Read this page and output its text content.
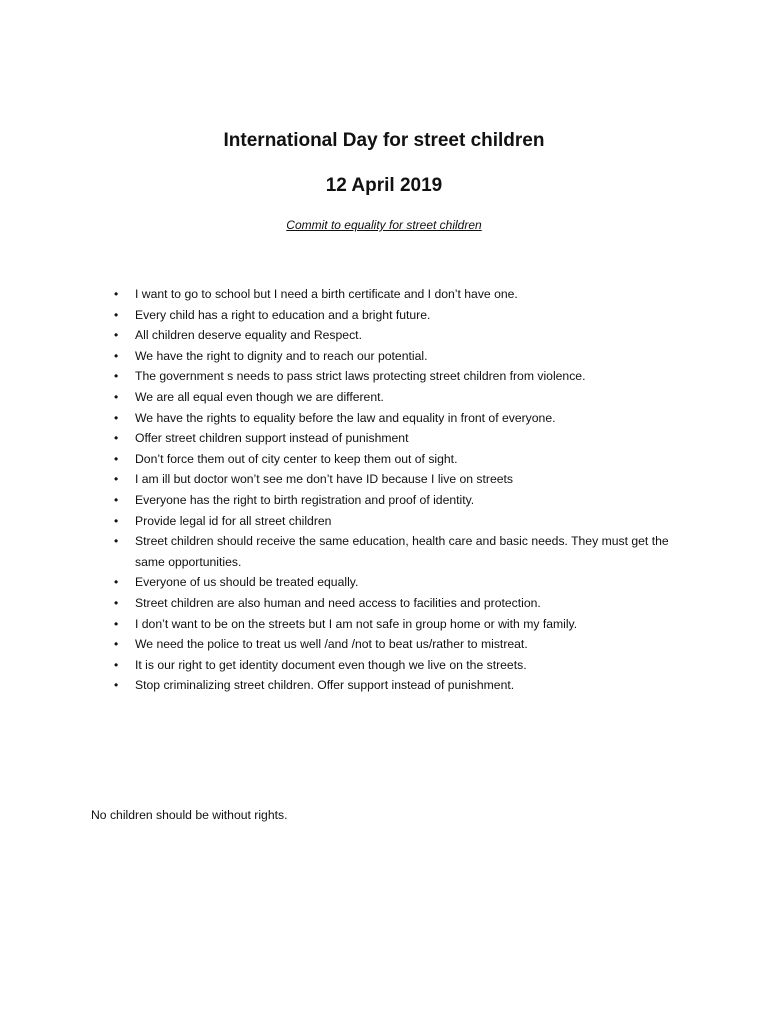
International Day for street children
12 April 2019

Commit to equality for street children

• I want to go to school but I need a birth certificate and I don’t have one.
• Every child has a right to education and a bright future.
• All children deserve equality and Respect.
• We have the right to dignity and to reach our potential.
• The government s needs to pass strict laws protecting street children from violence.
• We are all equal even though we are different.
• We have the rights to equality before the law and equality in front of everyone.
• Offer street children support instead of punishment
• Don’t force them out of city center to keep them out of sight.
• I am ill but doctor won’t see me don’t have ID because I live on streets
• Everyone has the right to birth registration and proof of identity.
• Provide legal id for all street children
• Street children should receive the same education, health care and basic needs. They must get the same opportunities.
• Everyone of us should be treated equally.
• Street children are also human and need access to facilities and protection.
• I don’t want to be on the streets but I am not safe in group home or with my family.
• We need the police to treat us well /and /not to beat us/rather to mistreat.
• It is our right to get identity document even though we live on the streets.
• Stop criminalizing street children. Offer support instead of punishment.

No children should be without rights.
